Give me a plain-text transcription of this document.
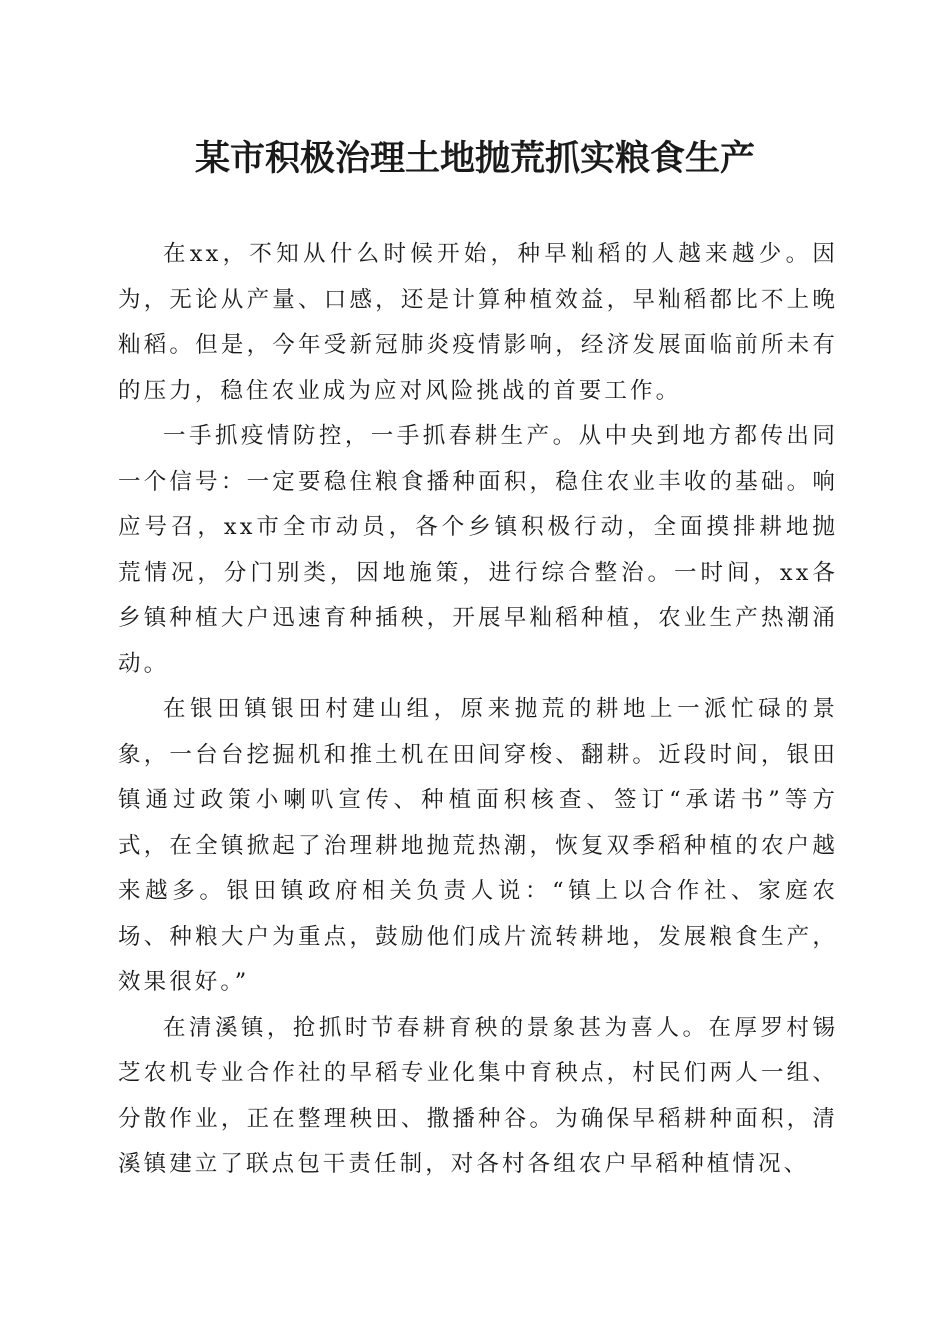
某市积极治理土地抛荒抓实粮食生产

在xx，不知从什么时候开始，种早籼稻的人越来越少。因为，无论从产量、口感，还是计算种植效益，早籼稻都比不上晚籼稻。但是，今年受新冠肺炎疫情影响，经济发展面临前所未有的压力，稳住农业成为应对风险挑战的首要工作。

一手抓疫情防控，一手抓春耕生产。从中央到地方都传出同一个信号：一定要稳住粮食播种面积，稳住农业丰收的基础。响应号召，xx市全市动员，各个乡镇积极行动，全面摸排耕地抛荒情况，分门别类，因地施策，进行综合整治。一时间，xx各乡镇种植大户迅速育种插秧，开展早籼稻种植，农业生产热潮涌动。

在银田镇银田村建山组，原来抛荒的耕地上一派忙碌的景象，一台台挖掘机和推土机在田间穿梭、翻耕。近段时间，银田镇通过政策小喇叭宣传、种植面积核查、签订“承诺书”等方式，在全镇掀起了治理耕地抛荒热潮，恢复双季稻种植的农户越来越多。银田镇政府相关负责人说：“镇上以合作社、家庭农场、种粮大户为重点，鼓励他们成片流转耕地，发展粮食生产，效果很好。”

在清溪镇，抢抓时节春耕育秧的景象甚为喜人。在厚罗村锡芝农机专业合作社的早稻专业化集中育秧点，村民们两人一组、分散作业，正在整理秧田、撒播种谷。为确保早稻耕种面积，清溪镇建立了联点包干责任制，对各村各组农户早稻种植情况、
